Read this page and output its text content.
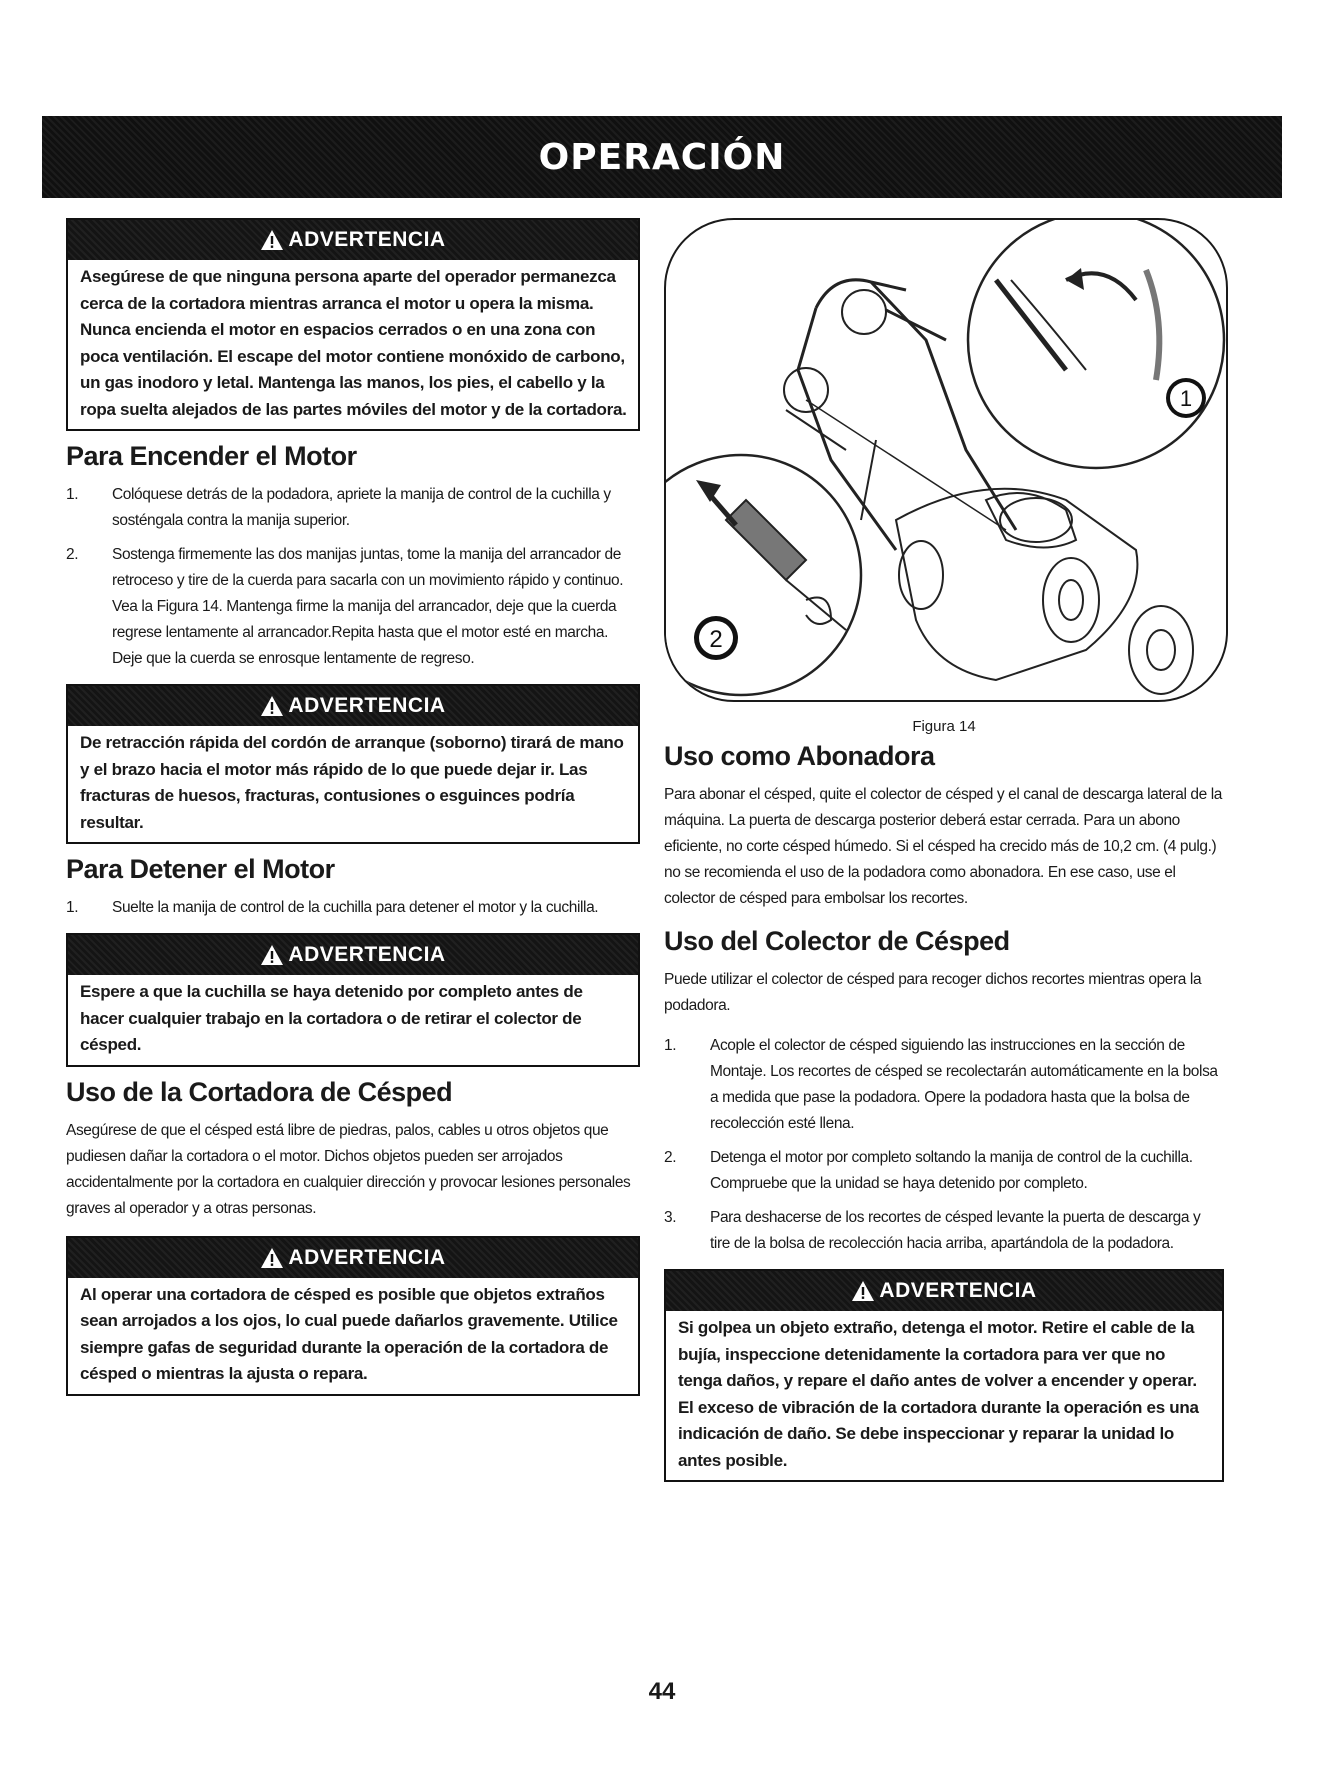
OPERACIÓN
ADVERTENCIA
Asegúrese de que ninguna persona aparte del operador permanezca cerca de la cortadora mientras arranca el motor u opera la misma. Nunca encienda el motor en espacios cerrados o en una zona con poca ventilación. El escape del motor contiene monóxido de carbono, un gas inodoro y letal. Mantenga las manos, los pies, el cabello y la ropa suelta alejados de las partes móviles del motor y de la cortadora.
Para Encender el Motor
1. Colóquese detrás de la podadora, apriete la manija de control de la cuchilla y sosténgala contra la manija superior.
2. Sostenga firmemente las dos manijas juntas, tome la manija del arrancador de retroceso y tire de la cuerda para sacarla con un movimiento rápido y continuo. Vea la Figura 14. Mantenga firme la manija del arrancador, deje que la cuerda regrese lentamente al arrancador.Repita hasta que el motor esté en marcha. Deje que la cuerda se enrosque lentamente de regreso.
ADVERTENCIA
De retracción rápida del cordón de arranque (soborno) tirará de mano y el brazo hacia el motor más rápido de lo que puede dejar ir. Las fracturas de huesos, fracturas, contusiones o esguinces podría resultar.
Para Detener el Motor
1. Suelte la manija de control de la cuchilla para detener el motor y la cuchilla.
ADVERTENCIA
Espere a que la cuchilla se haya detenido por completo antes de hacer cualquier trabajo en la cortadora o de retirar el colector de césped.
Uso de la Cortadora de Césped

Asegúrese de que el césped está libre de piedras, palos, cables u otros objetos que pudiesen dañar la cortadora o el motor. Dichos objetos pueden ser arrojados accidentalmente por la cortadora en cualquier dirección y provocar lesiones personales graves al operador y a otras personas.

ADVERTENCIA
Al operar una cortadora de césped es posible que objetos extraños sean arrojados a los ojos, lo cual puede dañarlos gravemente. Utilice siempre gafas de seguridad durante la operación de la cortadora de césped o mientras la ajusta o repara.
1
2
Figura 14
Uso como Abonadora

Para abonar el césped, quite el colector de césped y el canal de descarga lateral de la máquina. La puerta de descarga posterior deberá estar cerrada. Para un abono eficiente, no corte césped húmedo. Si el césped ha crecido más de 10,2 cm. (4 pulg.) no se recomienda el uso de la podadora como abonadora. En ese caso, use el colector de césped para embolsar los recortes.

Uso del Colector de Césped

Puede utilizar el colector de césped para recoger dichos recortes mientras opera la podadora.

1. Acople el colector de césped siguiendo las instrucciones en la sección de Montaje. Los recortes de césped se recolectarán automáticamente en la bolsa a medida que pase la podadora. Opere la podadora hasta que la bolsa de recolección esté llena.
2. Detenga el motor por completo soltando la manija de control de la cuchilla. Compruebe que la unidad se haya detenido por completo.
3. Para deshacerse de los recortes de césped levante la puerta de descarga y tire de la bolsa de recolección hacia arriba, apartándola de la podadora.
ADVERTENCIA
Si golpea un objeto extraño, detenga el motor. Retire el cable de la bujía, inspeccione detenidamente la cortadora para ver que no tenga daños, y repare el daño antes de volver a encender y operar. El exceso de vibración de la cortadora durante la operación es una indicación de daño. Se debe inspeccionar y reparar la unidad lo antes posible.
44
